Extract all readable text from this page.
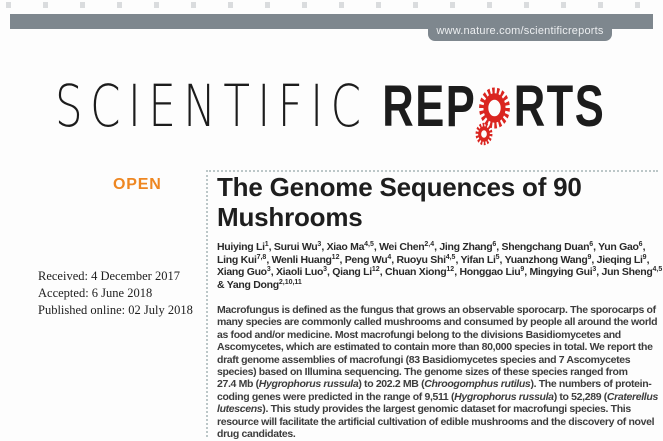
www.nature.com/scientificreports
SCIENTIFIC REP RTS
OPEN The Genome Sequences of 90 Mushrooms
Huiying Li$^1$, Surui Wu$^3$, Xiao Ma$^{4,5}$, Wei Chen$^{2,4}$, Jing Zhang$^6$, Shengchang Duan$^6$, Yun Gao$^6$, Ling Kui$^{7,8}$, Wenli Huang$^{12}$, Peng Wu$^4$, Ruoyu Shi$^{4,5}$, Yifan Li$^5$, Yuanzhong Wang$^9$, Jieqing Li$^9$, Xiang Guo$^3$, Xiaoli Luo$^3$, Qiang Li$^{12}$, Chuan Xiong$^{12}$, Honggao Liu$^9$, Mingying Gui$^3$, Jun Sheng$^{4,5}$ & Yang Dong$^{2,10,11}$
Received: 4 December 2017
Accepted: 6 June 2018
Published online: 02 July 2018 Macrofungus is defined as the fungus that grows an observable sporocarp. The sporocarps of many species are commonly called mushrooms and consumed by people all around the world as food and/or medicine. Most macrofungi belong to the divisions Basidiomycetes and Ascomycetes, which are estimated to contain more than 80,000 species in total. We report the draft genome assemblies of macrofungi (83 Basidiomycetes species and 7 Ascomycetes species) based on Illumina sequencing. The genome sizes of these species ranged from 27.4 Mb (Hygrophorus russula) to 202.2 MB (Chroogomphus rutilus). The numbers of protein-coding genes were predicted in the range of 9,511 (Hygrophorus russula) to 52,289 (Craterellus lutescens). This study provides the largest genomic dataset for macrofungi species. This resource will facilitate the artificial cultivation of edible mushrooms and the discovery of novel drug candidates.
